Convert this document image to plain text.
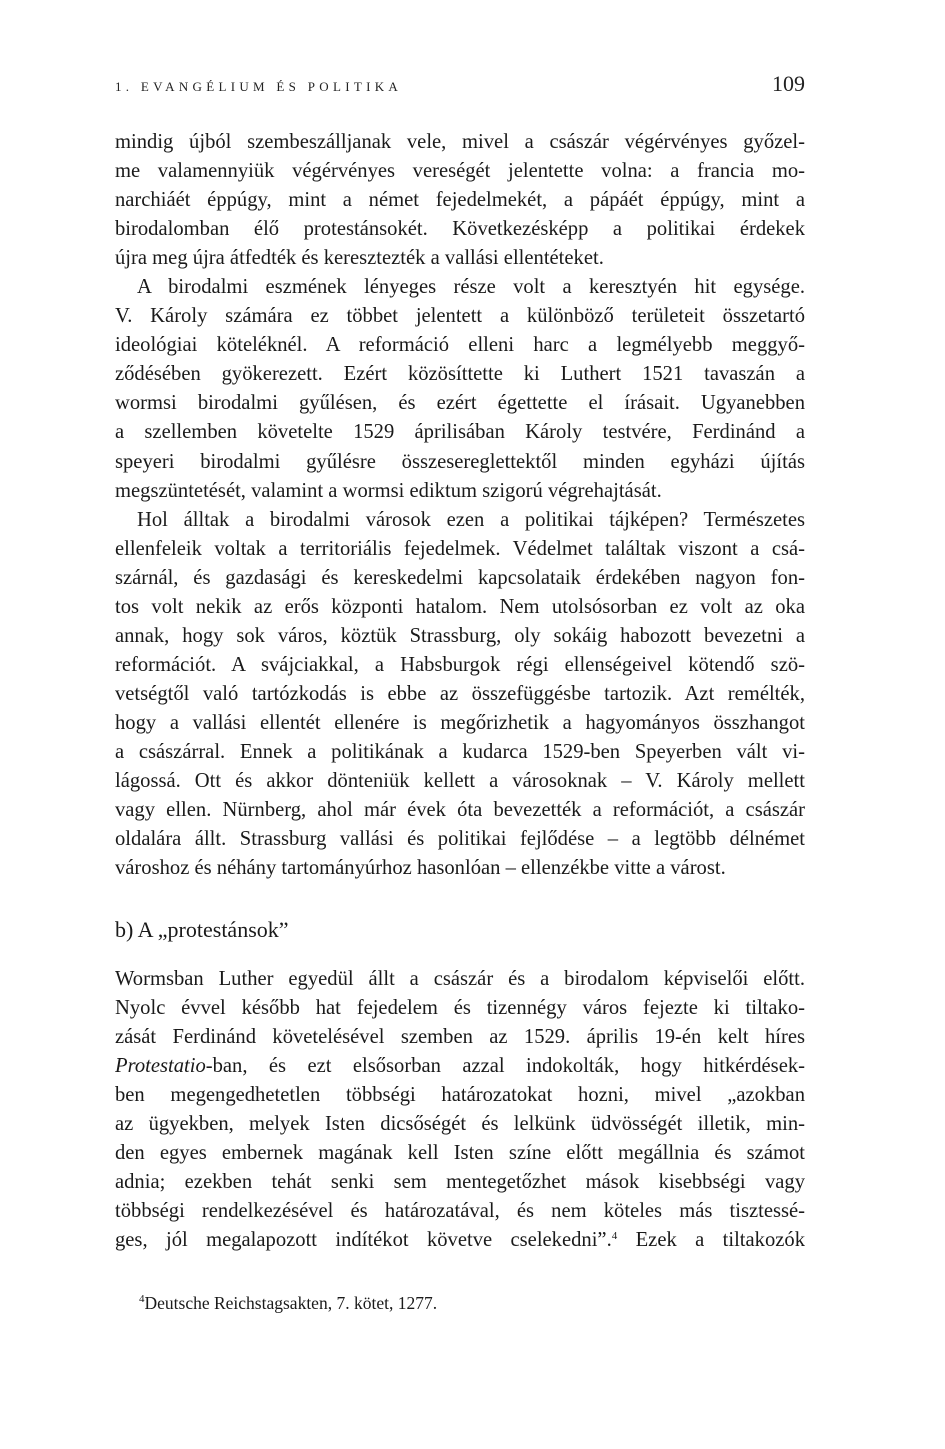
1. EVANGÉLIUM ÉS POLITIKA	109
mindig újból szembeszálljanak vele, mivel a császár végérvényes győzel-
me valamennyiük végérvényes vereségét jelentette volna: a francia mo-
narchiáét éppúgy, mint a német fejedelmekét, a pápáét éppúgy, mint a
birodalomban élő protestánsokét. Következésképp a politikai érdekek
újra meg újra átfedték és keresztezték a vallási ellentéteket.
A birodalmi eszmének lényeges része volt a keresztyén hit egysége.
V. Károly számára ez többet jelentett a különböző területeit összetartó
ideológiai köteléknél. A reformáció elleni harc a legmélyebb meggyő-
ződésében gyökerezett. Ezért közösíttette ki Luthert 1521 tavaszán a
wormsi birodalmi gyűlésen, és ezért égettette el írásait. Ugyanebben
a szellemben követelte 1529 áprilisában Károly testvére, Ferdinánd a
speyeri birodalmi gyűlésre összesereglettektől minden egyházi újítás
megszüntetését, valamint a wormsi ediktum szigorú végrehajtását.
Hol álltak a birodalmi városok ezen a politikai tájképen? Természetes
ellenfeleik voltak a territoriális fejedelmek. Védelmet találtak viszont a csá-
szárnál, és gazdasági és kereskedelmi kapcsolataik érdekében nagyon fon-
tos volt nekik az erős központi hatalom. Nem utolsósorban ez volt az oka
annak, hogy sok város, köztük Strassburg, oly sokáig habozott bevezetni a
reformációt. A svájciakkal, a Habsburgok régi ellenségeivel kötendő szö-
vetségtől való tartózkodás is ebbe az összefüggésbe tartozik. Azt remélték,
hogy a vallási ellentét ellenére is megőrizhetik a hagyományos összhangot
a császárral. Ennek a politikának a kudarca 1529-ben Speyerben vált vi-
lágossá. Ott és akkor dönteniük kellett a városoknak – V. Károly mellett
vagy ellen. Nürnberg, ahol már évek óta bevezették a reformációt, a császár
oldalára állt. Strassburg vallási és politikai fejlődése – a legtöbb délnémet
városhoz és néhány tartományúrhoz hasonlóan – ellenzékbe vitte a várost.
b) A „protestánsok”
Wormsban Luther egyedül állt a császár és a birodalom képviselői előtt.
Nyolc évvel később hat fejedelem és tizennégy város fejezte ki tiltako-
zását Ferdinánd követelésével szemben az 1529. április 19-én kelt híres
Protestatio-ban, és ezt elsősorban azzal indokolták, hogy hitkérdések-
ben megengedhetetlen többségi határozatokat hozni, mivel „azokban
az ügyekben, melyek Isten dicsőségét és lelkünk üdvösségét illetik, min-
den egyes embernek magának kell Isten színe előtt megállnia és számot
adnia; ezekben tehát senki sem mentegetőzhet mások kisebbségi vagy
többségi rendelkezésével és határozatával, és nem köteles más tisztessé-
ges, jól megalapozott indítékot követve cselekedni”.$^4$ Ezek a tiltakozók
$^4$Deutsche Reichstagsakten, 7. kötet, 1277.
